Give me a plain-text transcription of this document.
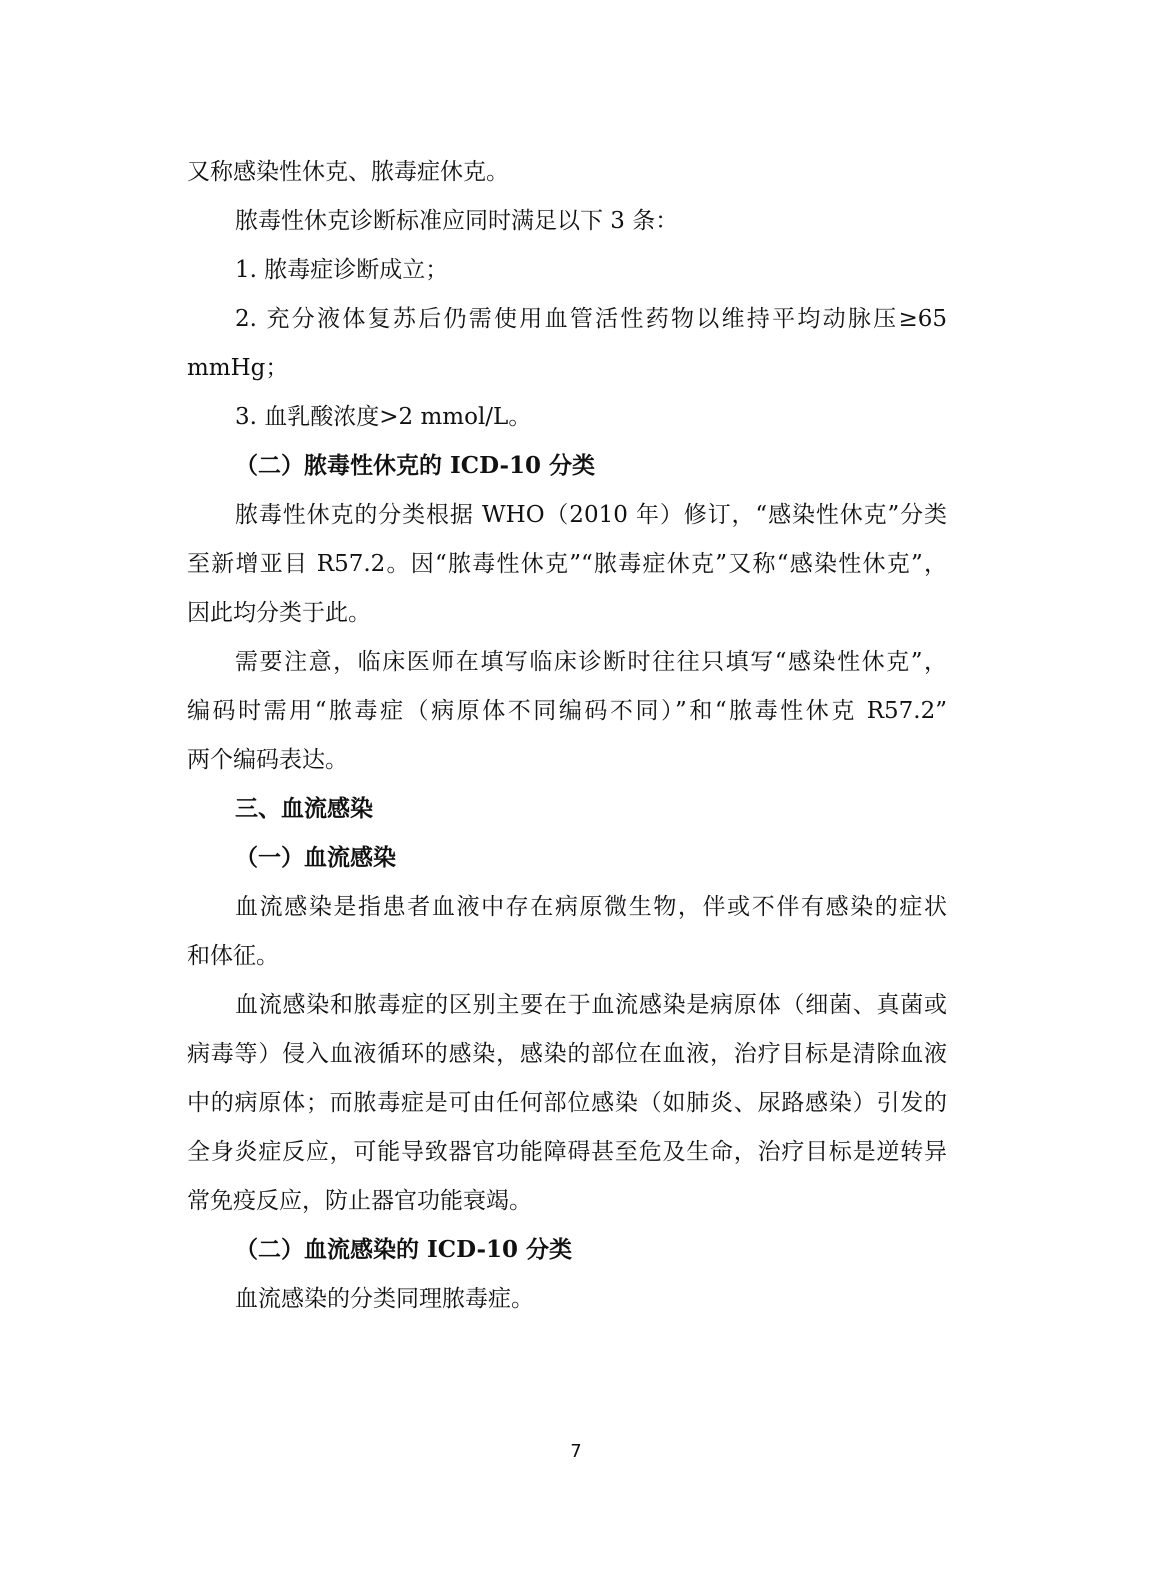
又称感染性休克、脓毒症休克。
脓毒性休克诊断标准应同时满足以下 3 条：
1. 脓毒症诊断成立；
2. 充分液体复苏后仍需使用血管活性药物以维持平均动脉压≥65
mmHg；
3. 血乳酸浓度>2 mmol/L。
（二）脓毒性休克的 ICD-10 分类
脓毒性休克的分类根据 WHO（2010 年）修订，“感染性休克”分类
至新增亚目 R57.2。因“脓毒性休克”“脓毒症休克”又称“感染性休克”，
因此均分类于此。
需要注意，临床医师在填写临床诊断时往往只填写“感染性休克”，
编码时需用“脓毒症（病原体不同编码不同）”和“脓毒性休克 R57.2”
两个编码表达。
三、血流感染
（一）血流感染
血流感染是指患者血液中存在病原微生物，伴或不伴有感染的症状
和体征。
血流感染和脓毒症的区别主要在于血流感染是病原体（细菌、真菌或
病毒等）侵入血液循环的感染，感染的部位在血液，治疗目标是清除血液
中的病原体；而脓毒症是可由任何部位感染（如肺炎、尿路感染）引发的
全身炎症反应，可能导致器官功能障碍甚至危及生命，治疗目标是逆转异
常免疫反应，防止器官功能衰竭。
（二）血流感染的 ICD-10 分类
血流感染的分类同理脓毒症。
7
